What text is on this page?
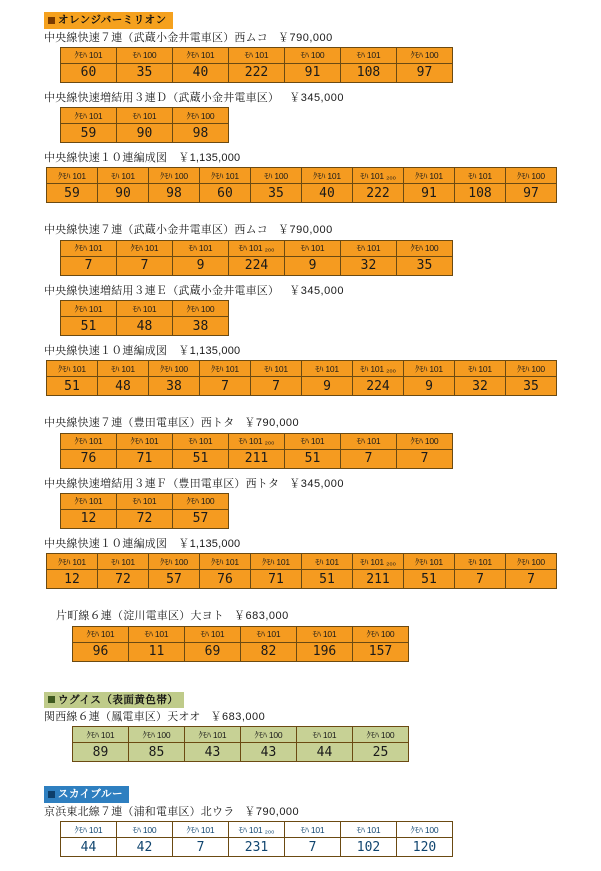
オレンジバーミリオン
中央線快速７連（武蔵小金井電車区）西ムコ ￥790,000
ｸﾓﾊ 101	ﾓﾊ 100	ｸﾓﾊ 101	ﾓﾊ 101	ﾓﾊ 100	ﾓﾊ 101	ｸﾓﾊ 100
60	35	40	222	91	108	97
中央線快速増結用３連Ｄ（武蔵小金井電車区） ￥345,000
ｸﾓﾊ 101	ﾓﾊ 101	ｸﾓﾊ 100
59	90	98
中央線快速１０連編成図　￥1,135,000
ｸﾓﾊ 101	ﾓﾊ 101	ｸﾓﾊ 100	ｸﾓﾊ 101	ﾓﾊ 100	ｸﾓﾊ 101	ﾓﾊ 101 ₂₀₀	ｸﾓﾊ 101	ﾓﾊ 101	ｸﾓﾊ 100
59	90	98	60	35	40	222	91	108	97
中央線快速７連（武蔵小金井電車区）西ムコ ￥790,000
ｸﾓﾊ 101	ｸﾓﾊ 101	ﾓﾊ 101	ﾓﾊ 101 ₂₀₀	ﾓﾊ 101	ﾓﾊ 101	ｸﾓﾊ 100
7	7	9	224	9	32	35
中央線快速増結用３連Ｅ（武蔵小金井電車区） ￥345,000
ｸﾓﾊ 101	ﾓﾊ 101	ｸﾓﾊ 100
51	48	38
中央線快速１０連編成図　￥1,135,000
ｸﾓﾊ 101	ﾓﾊ 101	ｸﾓﾊ 100	ｸﾓﾊ 101	ﾓﾊ 101	ﾓﾊ 101	ﾓﾊ 101 ₂₀₀	ｸﾓﾊ 101	ﾓﾊ 101	ｸﾓﾊ 100
51	48	38	7	7	9	224	9	32	35
中央線快速７連（豊田電車区）西トタ ￥790,000
ｸﾓﾊ 101	ｸﾓﾊ 101	ﾓﾊ 101	ﾓﾊ 101 ₂₀₀	ﾓﾊ 101	ﾓﾊ 101	ｸﾓﾊ 100
76	71	51	211	51	7	7
中央線快速増結用３連Ｆ（豊田電車区）西トタ ￥345,000
ｸﾓﾊ 101	ﾓﾊ 101	ｸﾓﾊ 100
12	72	57
中央線快速１０連編成図　￥1,135,000
ｸﾓﾊ 101	ﾓﾊ 101	ｸﾓﾊ 100	ｸﾓﾊ 101	ｸﾓﾊ 101	ﾓﾊ 101	ﾓﾊ 101 ₂₀₀	ｸﾓﾊ 101	ﾓﾊ 101	ｸﾓﾊ 100
12	72	57	76	71	51	211	51	7	7
片町線６連（淀川電車区）大ヨト ￥683,000
ｸﾓﾊ 101	ﾓﾊ 101	ﾓﾊ 101	ﾓﾊ 101	ﾓﾊ 101	ｸﾓﾊ 100
96	11	69	82	196	157
ウグイス（表面黄色帯）
関西線６連（鳳電車区）天オオ ￥683,000
ｸﾓﾊ 101	ｸﾓﾊ 100	ｸﾓﾊ 101	ｸﾓﾊ 100	ﾓﾊ 101	ｸﾓﾊ 100
89	85	43	43	44	25
スカイブルー
京浜東北線７連（浦和電車区）北ウラ ￥790,000
ｸﾓﾊ 101	ﾓﾊ 100	ｸﾓﾊ 101	ﾓﾊ 101 ₂₀₀	ﾓﾊ 101	ﾓﾊ 101	ｸﾓﾊ 100
44	42	7	231	7	102	120
